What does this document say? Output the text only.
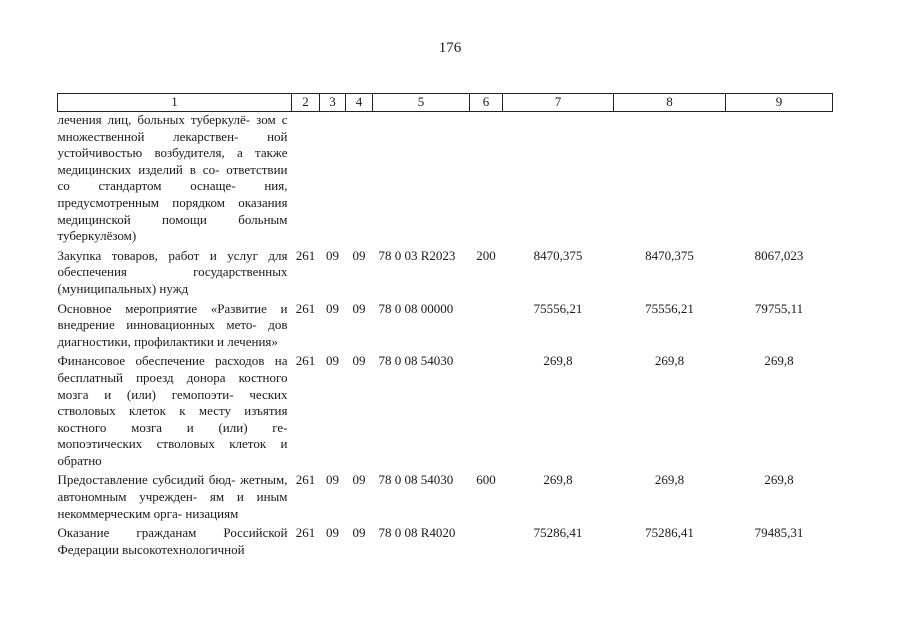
176
1	2	3	4	5	6	7	8	9
лечения лиц, больных туберкулё- зом с множественной лекарствен- ной устойчивостью возбудителя, а также медицинских изделий в со- ответствии со стандартом оснаще- ния, предусмотренным порядком оказания медицинской помощи больным туберкулёзом)								
Закупка товаров, работ и услуг для обеспечения государственных (муниципальных) нужд	261	09	09	78 0 03 R2023	200	8470,375	8470,375	8067,023
Основное мероприятие «Развитие и внедрение инновационных мето- дов диагностики, профилактики и лечения»	261	09	09	78 0 08 00000		75556,21	75556,21	79755,11
Финансовое обеспечение расходов на бесплатный проезд донора костного мозга и (или) гемопоэти- ческих стволовых клеток к месту изъятия костного мозга и (или) ге- мопоэтических стволовых клеток и обратно	261	09	09	78 0 08 54030		269,8	269,8	269,8
Предоставление субсидий бюд- жетным, автономным учрежден- ям и иным некоммерческим орга- низациям	261	09	09	78 0 08 54030	600	269,8	269,8	269,8
Оказание гражданам Российской Федерации высокотехнологичной	261	09	09	78 0 08 R4020		75286,41	75286,41	79485,31
